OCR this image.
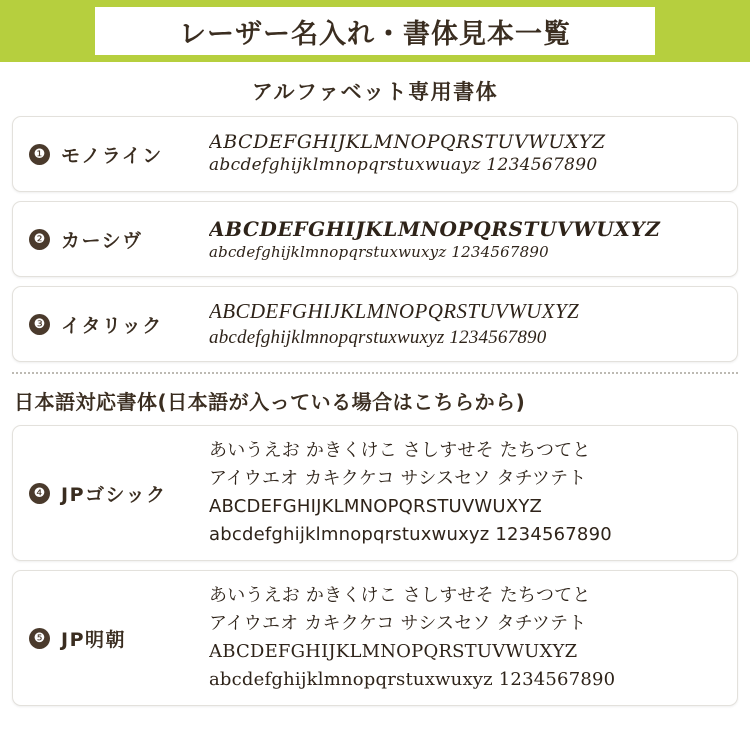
レーザー名入れ・書体見本一覧
アルファベット専用書体
❶ モノライン
ABCDEFGHIJKLMNOPQRSTUVWUXYZ
abcdefghijklmnopqrstuxwuayz 1234567890
❷ カーシヴ	ABCDEFGHIJKLMNOPQRSTUVWUXYZ
abcdefghijklmnopqrstuxwuxyz 1234567890
❸ イタリック
ABCDEFGHIJKLMNOPQRSTUVWUXYZ
abcdefghijklmnopqrstuxwuxyz 1234567890
日本語対応書体(日本語が入っている場合はこちらから)
❹ JPゴシック
あいうえお かきくけこ さしすせそ たちつてと
アイウエオ カキクケコ サシスセソ タチツテト
ABCDEFGHIJKLMNOPQRSTUVWUXYZ
abcdefghijklmnopqrstuxwuxyz 1234567890
❺ JP明朝
あいうえお かきくけこ さしすせそ たちつてと
アイウエオ カキクケコ サシスセソ タチツテト
ABCDEFGHIJKLMNOPQRSTUVWUXYZ
abcdefghijklmnopqrstuxwuxyz 1234567890
